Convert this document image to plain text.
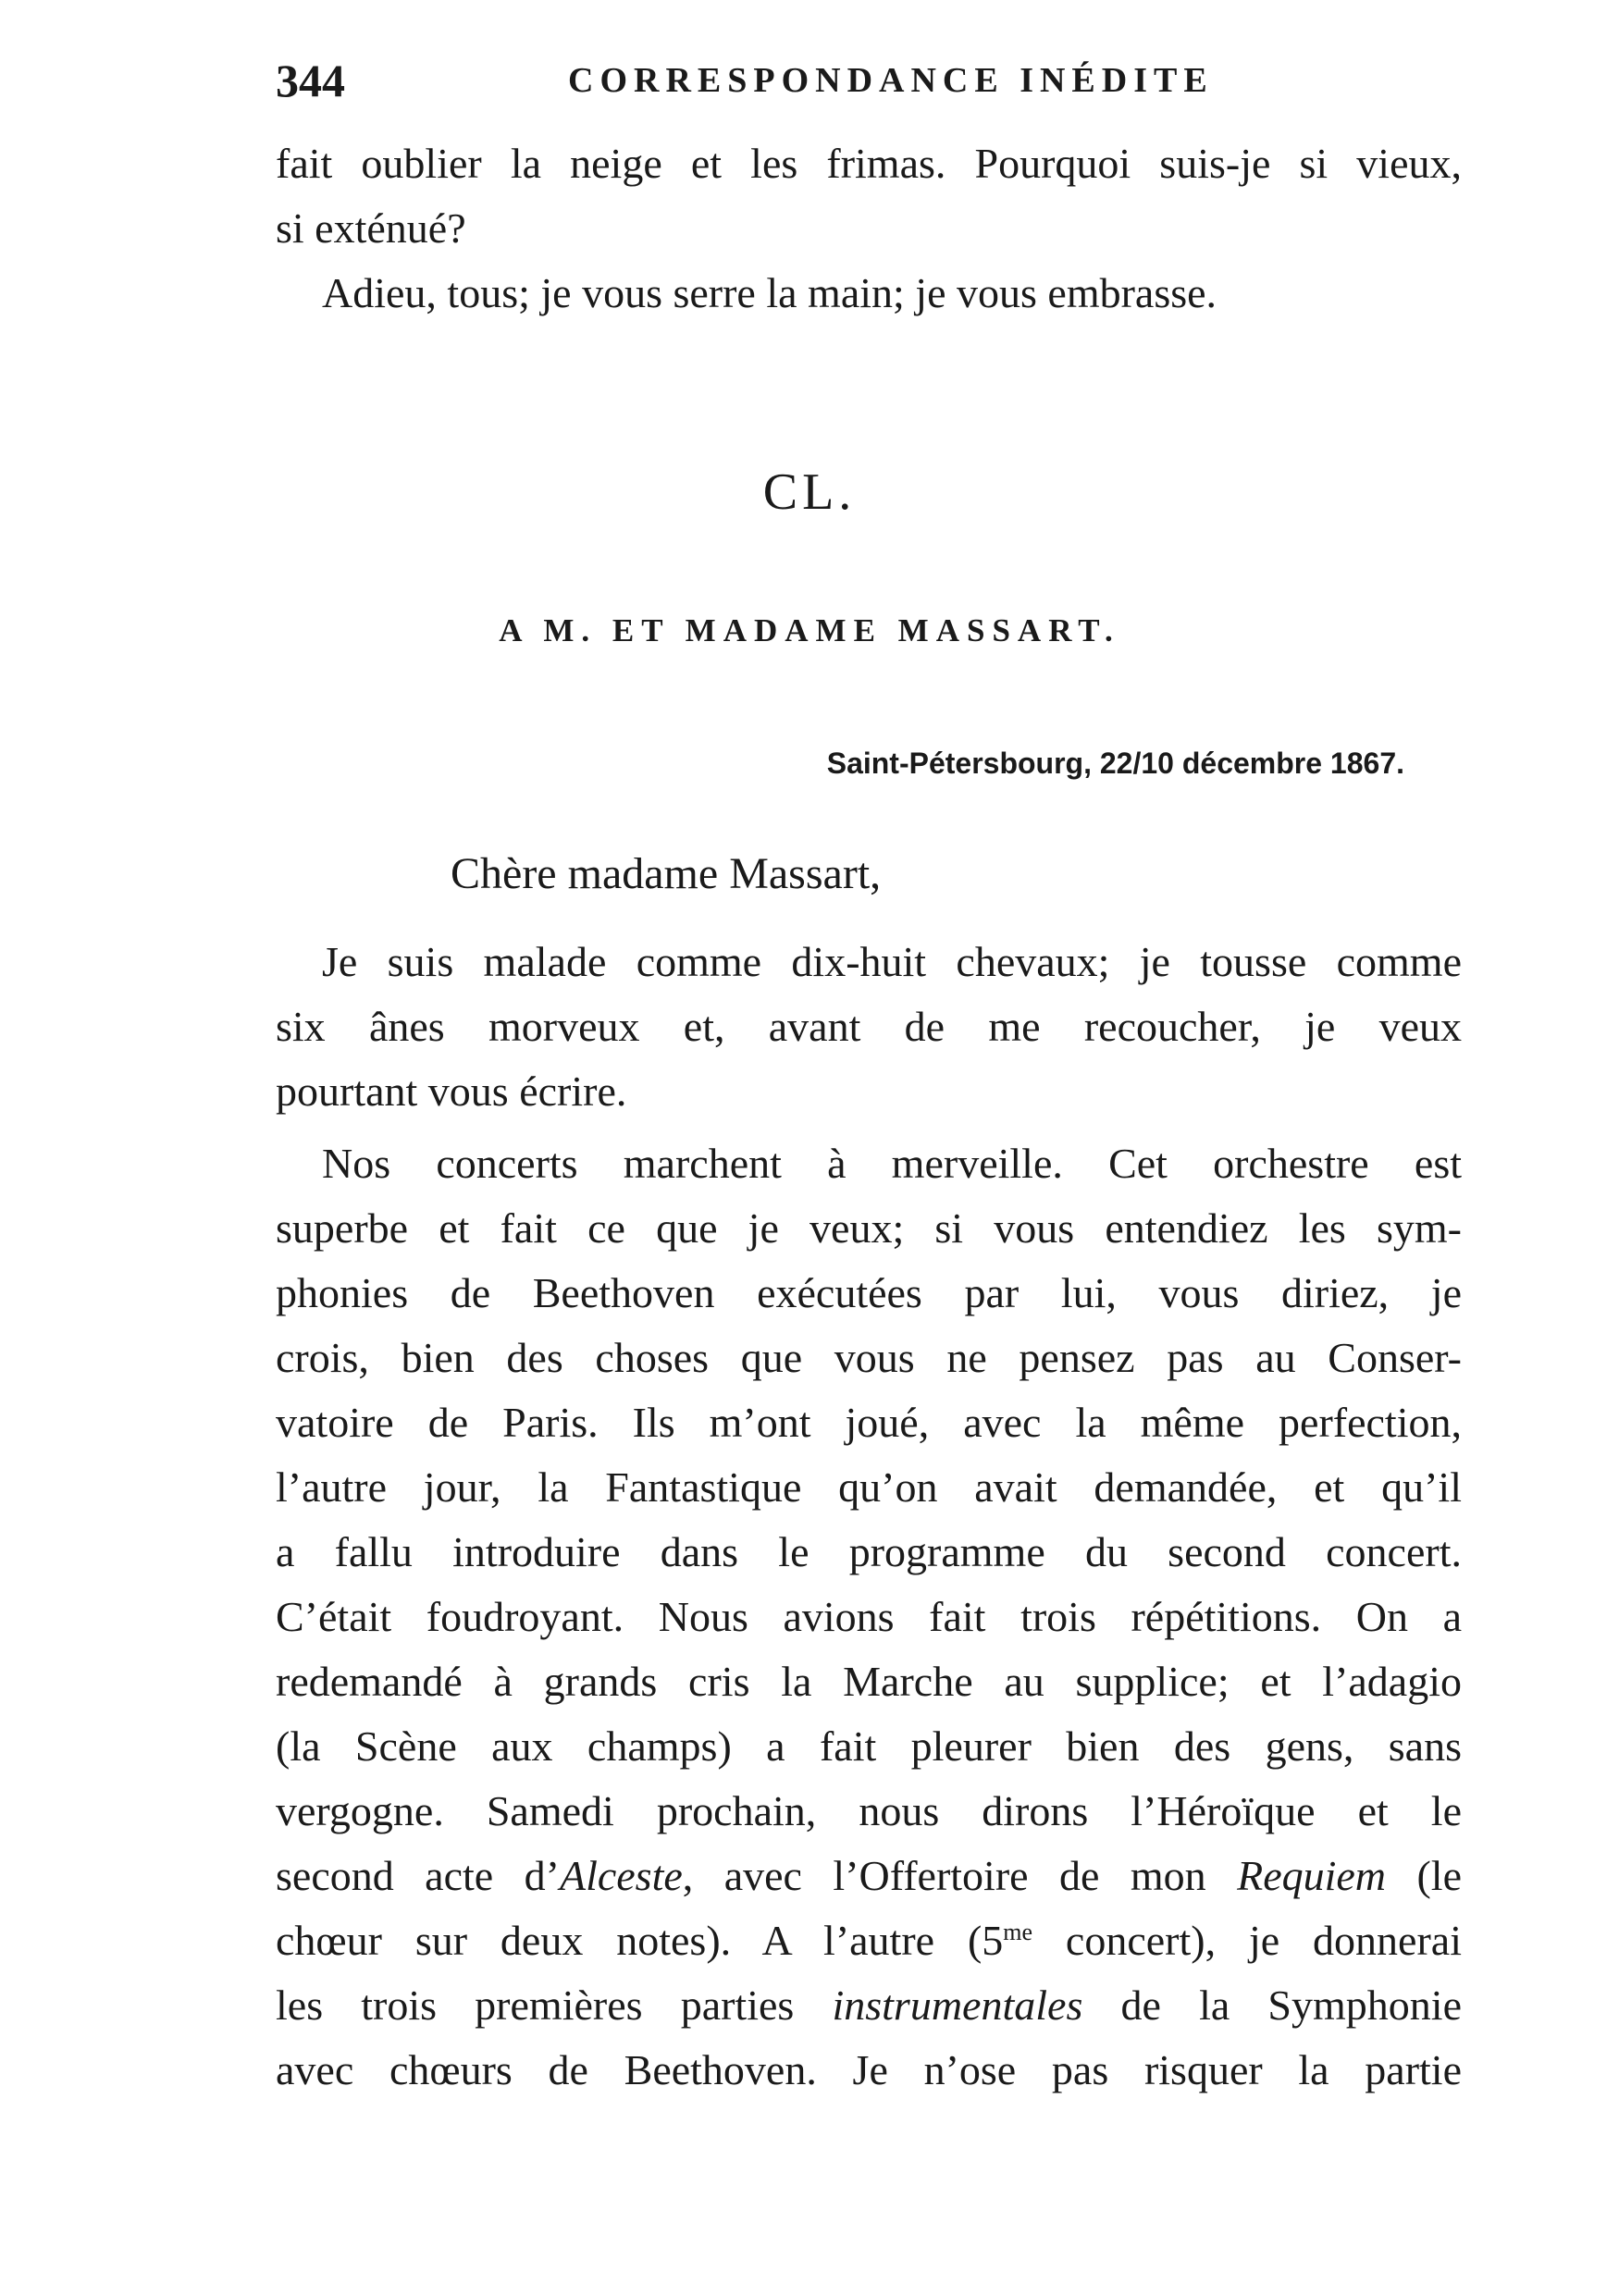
344	CORRESPONDANCE INÉDITE
fait oublier la neige et les frimas. Pourquoi suis-je si vieux,
si exténué?
Adieu, tous; je vous serre la main; je vous embrasse.
CL.
A M. ET MADAME MASSART.
Saint-Pétersbourg, 22/10 décembre 1867.
Chère madame Massart,
Je suis malade comme dix-huit chevaux; je tousse comme
six ânes morveux et, avant de me recoucher, je veux
pourtant vous écrire.
Nos concerts marchent à merveille. Cet orchestre est
superbe et fait ce que je veux; si vous entendiez les sym-
phonies de Beethoven exécutées par lui, vous diriez, je
crois, bien des choses que vous ne pensez pas au Conser-
vatoire de Paris. Ils m’ont joué, avec la même perfection,
l’autre jour, la Fantastique qu’on avait demandée, et qu’il
a fallu introduire dans le programme du second concert.
C’était foudroyant. Nous avions fait trois répétitions. On a
redemandé à grands cris la Marche au supplice; et l’adagio
(la Scène aux champs) a fait pleurer bien des gens, sans
vergogne. Samedi prochain, nous dirons l’Héroïque et le
second acte d’Alceste, avec l’Offertoire de mon Requiem (le
chœur sur deux notes). A l’autre ($5^{me}$ concert), je donnerai
les trois premières parties instrumentales de la Symphonie
avec chœurs de Beethoven. Je n’ose pas risquer la partie
